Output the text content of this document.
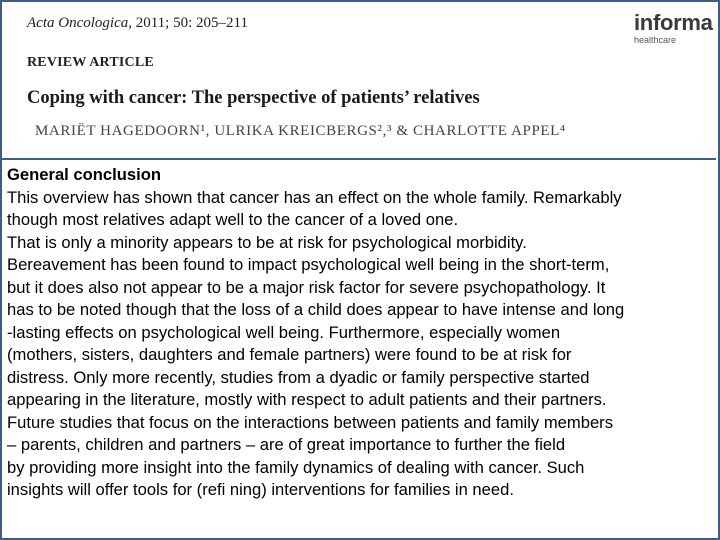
Acta Oncologica, 2011; 50: 205–211
REVIEW ARTICLE
Coping with cancer: The perspective of patients’ relatives
MARIËT HAGEDOORN¹, ULRIKA KREICBERGS²,³ & CHARLOTTE APPEL⁴
informa
healthcare
General conclusion
This overview has shown that cancer has an effect on the whole family. Remarkably
though most relatives adapt well to the cancer of a loved one.
That is only a minority appears to be at risk for psychological morbidity.
Bereavement has been found to impact psychological well being in the short-term,
but it does also not appear to be a major risk factor for severe psychopathology. It
has to be noted though that the loss of a child does appear to have intense and long
-lasting effects on psychological well being. Furthermore, especially women
(mothers, sisters, daughters and female partners) were found to be at risk for
distress. Only more recently, studies from a dyadic or family perspective started
appearing in the literature, mostly with respect to adult patients and their partners.
Future studies that focus on the interactions between patients and family members
– parents, children and partners – are of great importance to further the field
by providing more insight into the family dynamics of dealing with cancer. Such
insights will offer tools for (refi ning) interventions for families in need.
